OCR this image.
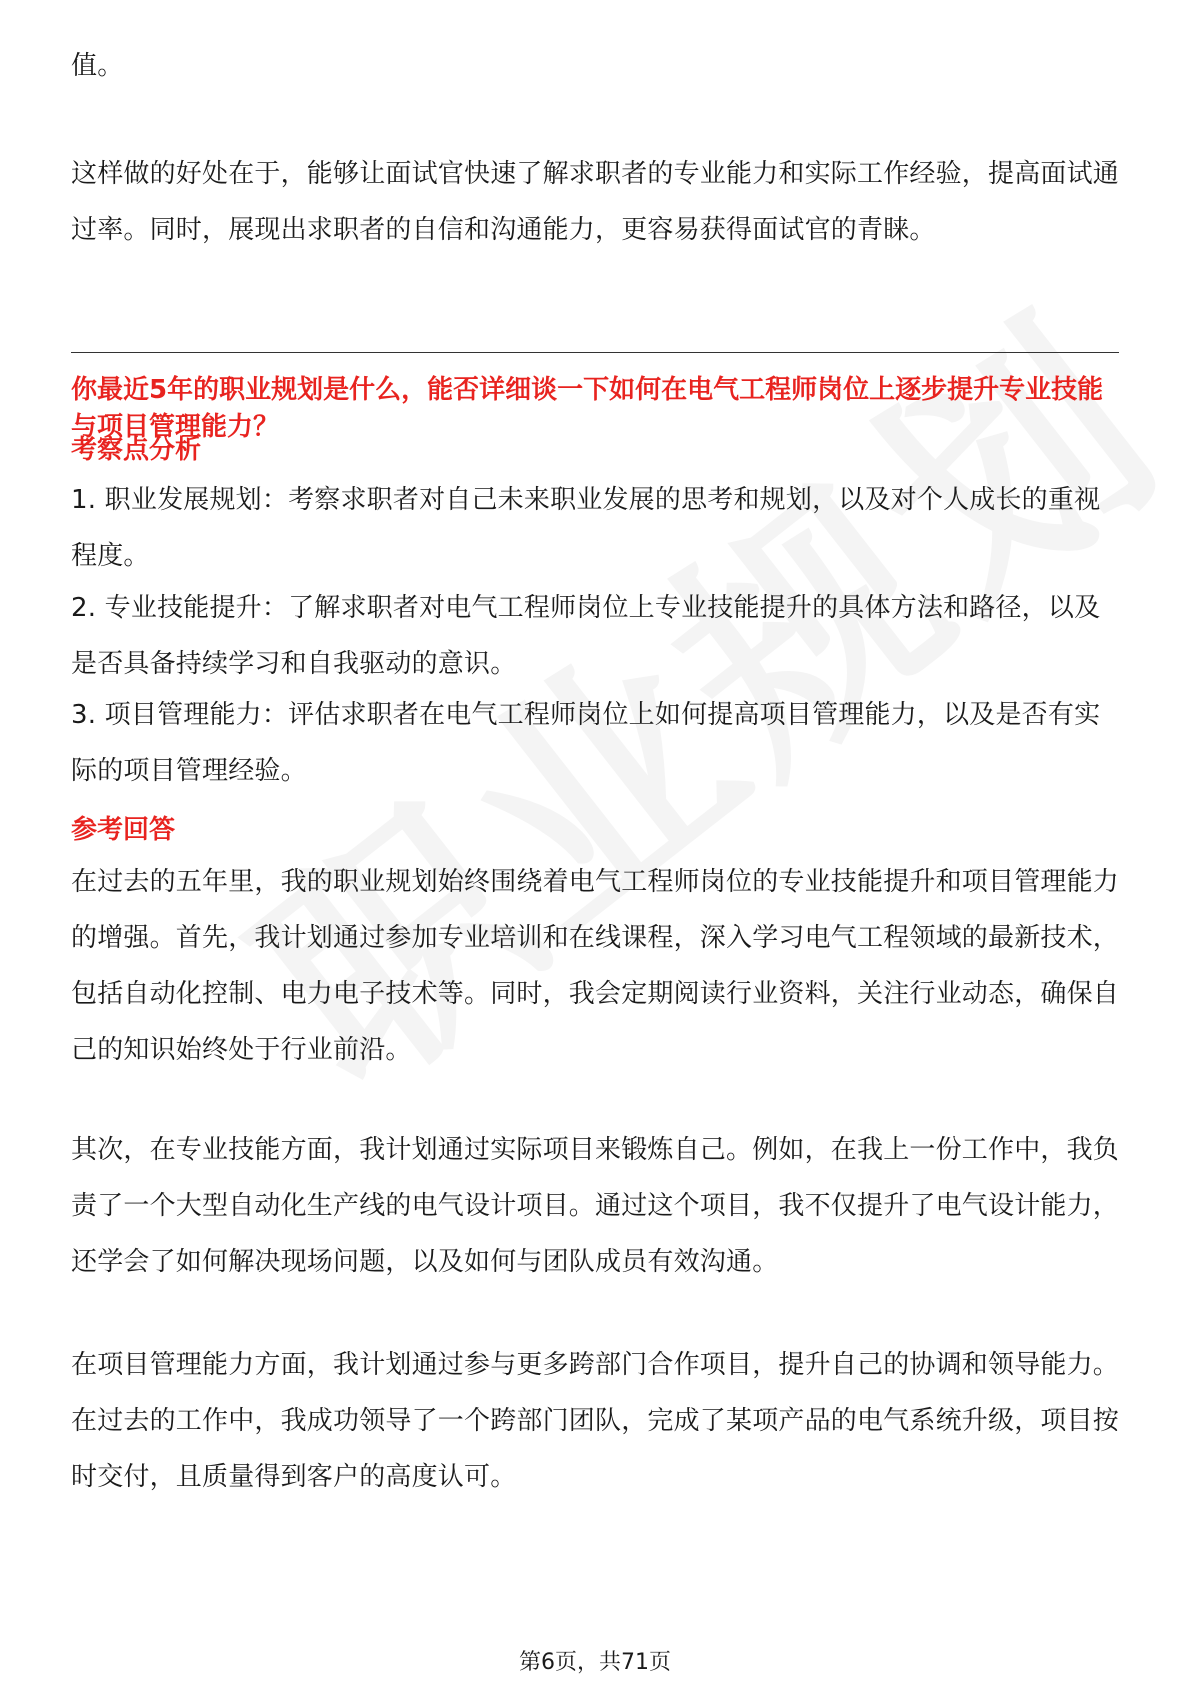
值。

这样做的好处在于，能够让面试官快速了解求职者的专业能力和实际工作经验，提高面试通过率。同时，展现出求职者的自信和沟通能力，更容易获得面试官的青睐。

你最近5年的职业规划是什么，能否详细谈一下如何在电气工程师岗位上逐步提升专业技能与项目管理能力？
考察点分析

1. 职业发展规划：考察求职者对自己未来职业发展的思考和规划，以及对个人成长的重视程度。

2. 专业技能提升：了解求职者对电气工程师岗位上专业技能提升的具体方法和路径，以及是否具备持续学习和自我驱动的意识。

3. 项目管理能力：评估求职者在电气工程师岗位上如何提高项目管理能力，以及是否有实际的项目管理经验。

参考回答

在过去的五年里，我的职业规划始终围绕着电气工程师岗位的专业技能提升和项目管理能力的增强。首先，我计划通过参加专业培训和在线课程，深入学习电气工程领域的最新技术，包括自动化控制、电力电子技术等。同时，我会定期阅读行业资料，关注行业动态，确保自己的知识始终处于行业前沿。

其次，在专业技能方面，我计划通过实际项目来锻炼自己。例如，在我上一份工作中，我负责了一个大型自动化生产线的电气设计项目。通过这个项目，我不仅提升了电气设计能力，还学会了如何解决现场问题，以及如何与团队成员有效沟通。

在项目管理能力方面，我计划通过参与更多跨部门合作项目，提升自己的协调和领导能力。在过去的工作中，我成功领导了一个跨部门团队，完成了某项产品的电气系统升级，项目按时交付，且质量得到客户的高度认可。

第6页，共71页
